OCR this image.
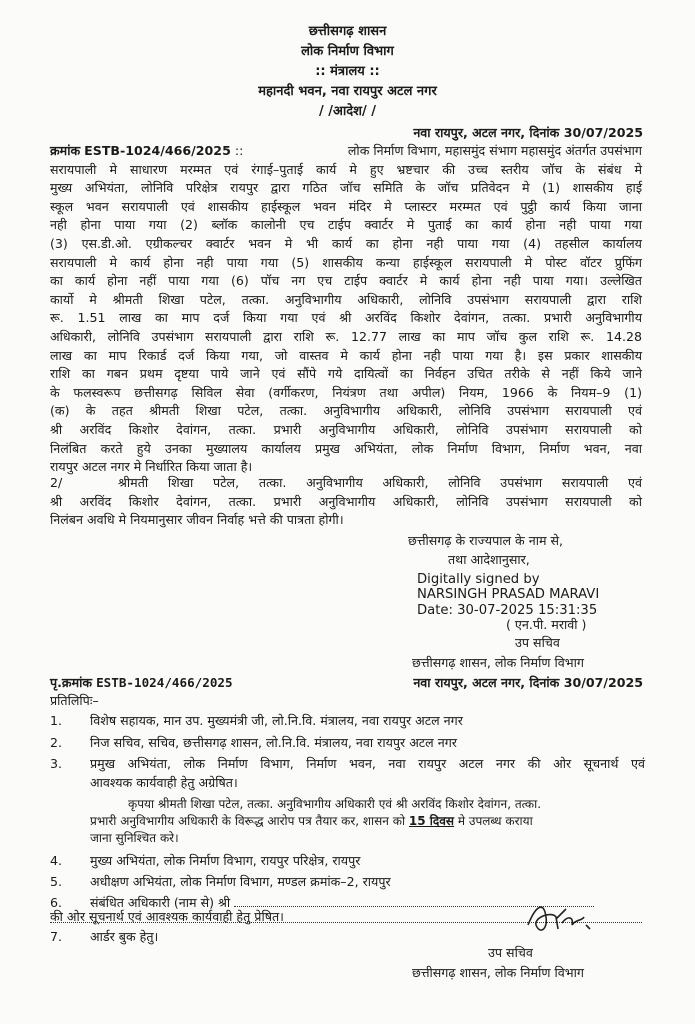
छत्तीसगढ़ शासन
लोक निर्माण विभाग
:: मंत्रालय ::
महानदी भवन, नवा रायपुर अटल नगर
/ /आदेश/ /
नवा रायपुर, अटल नगर, दिनांक 30/07/2025
क्रमांक ESTB-1024/466/2025 ::	लोक निर्माण विभाग, महासमुंद संभाग महासमुंद अंतर्गत उपसंभाग
सरायपाली मे साधारण मरम्मत एवं रंगाई–पुताई कार्य मे हुए भ्रष्टचार की उच्च स्तरीय जॉच के संबंध मे
मुख्य अभियंता, लोनिवि परिक्षेत्र रायपुर द्वारा गठित जॉच समिति के जॉच प्रतिवेदन मे (1) शासकीय हाई
स्कूल भवन सरायपाली एवं शासकीय हाईस्कूल भवन मंदिर मे प्लास्टर मरम्मत एवं पुट्ठी कार्य किया जाना
नही होना पाया गया (2) ब्लॉक कालोनी एच टाईप क्वार्टर मे पुताई का कार्य होना नही पाया गया
(3) एस.डी.ओ. एग्रीकल्चर क्वार्टर भवन मे भी कार्य का होना नही पाया गया (4) तहसील कार्यालय
सरायपाली मे कार्य होना नही पाया गया (5) शासकीय कन्या हाईस्कूल सरायपाली मे पोस्ट वॉटर प्रुफिंग
का कार्य होना नहीं पाया गया (6) पॉच नग एच टाईप क्वार्टर मे कार्य होना नही पाया गया। उल्लेखित
कार्यो मे श्रीमती शिखा पटेल, तत्का. अनुविभागीय अधिकारी, लोनिवि उपसंभाग सरायपाली द्वारा राशि
रू. 1.51 लाख का माप दर्ज किया गया एवं श्री अरविंद किशोर देवांगन, तत्का. प्रभारी अनुविभागीय
अधिकारी, लोनिवि उपसंभाग सरायपाली द्वारा राशि रू. 12.77 लाख का माप जॉच कुल राशि रू. 14.28
लाख का माप रिकार्ड दर्ज किया गया, जो वास्तव मे कार्य होना नही पाया गया है। इस प्रकार शासकीय
राशि का गबन प्रथम दृष्टया पाये जाने एवं सौंपे गये दायित्वों का निर्वहन उचित तरीके से नहीं किये जाने
के फलस्वरूप छत्तीसगढ़ सिविल सेवा (वर्गीकरण, नियंत्रण तथा अपील) नियम, 1966 के नियम–9 (1)
(क) के तहत श्रीमती शिखा पटेल, तत्का. अनुविभागीय अधिकारी, लोनिवि उपसंभाग सरायपाली एवं
श्री अरविंद किशोर देवांगन, तत्का. प्रभारी अनुविभागीय अधिकारी, लोनिवि उपसंभाग सरायपाली को
निलंबित करते हुये उनका मुख्यालय कार्यालय प्रमुख अभियंता, लोक निर्माण विभाग, निर्माण भवन, नवा
रायपुर अटल नगर मे निर्धारित किया जाता है।
2/	श्रीमती शिखा पटेल, तत्का. अनुविभागीय अधिकारी, लोनिवि उपसंभाग सरायपाली एवं
श्री अरविंद किशोर देवांगन, तत्का. प्रभारी अनुविभागीय अधिकारी, लोनिवि उपसंभाग सरायपाली को
निलंबन अवधि मे नियमानुसार जीवन निर्वाह भत्ते की पात्रता होगी।
छत्तीसगढ़ के राज्यपाल के नाम से,
तथा आदेशानुसार,
Digitally signed by
NARSINGH PRASAD MARAVI
Date: 30-07-2025 15:31:35
( एन.पी. मरावी )
उप सचिव
छत्तीसगढ़ शासन, लोक निर्माण विभाग
पृ.क्रमांक ESTB-1024/466/2025	नवा रायपुर, अटल नगर, दिनांक 30/07/2025
प्रतिलिपिः–
1. विशेष सहायक, मान उप. मुख्यमंत्री जी, लो.नि.वि. मंत्रालय, नवा रायपुर अटल नगर
2. निज सचिव, सचिव, छत्तीसगढ़ शासन, लो.नि.वि. मंत्रालय, नवा रायपुर अटल नगर
3.	प्रमुख अभियंता, लोक निर्माण विभाग, निर्माण भवन, नवा रायपुर अटल नगर की ओर सूचनार्थ एवं
आवश्यक कार्यवाही हेतु अग्रेषित।
कृपया श्रीमती शिखा पटेल, तत्का. अनुविभागीय अधिकारी एवं श्री अरविंद किशोर देवांगन, तत्का.
प्रभारी अनुविभागीय अधिकारी के विरूद्ध आरोप पत्र तैयार कर, शासन को 15 दिवस मे उपलब्ध कराया
जाना सुनिश्चित करे।
4. मुख्य अभियंता, लोक निर्माण विभाग, रायपुर परिक्षेत्र, रायपुर
5. अधीक्षण अभियंता, लोक निर्माण विभाग, मण्डल क्रमांक–2, रायपुर
6. संबंधित अधिकारी (नाम से) श्री
की ओर सूचनार्थ एवं आवश्यक कार्यवाही हेतु प्रेषित।
7. आर्डर बुक हेतु।
उप सचिव
छत्तीसगढ़ शासन, लोक निर्माण विभाग
